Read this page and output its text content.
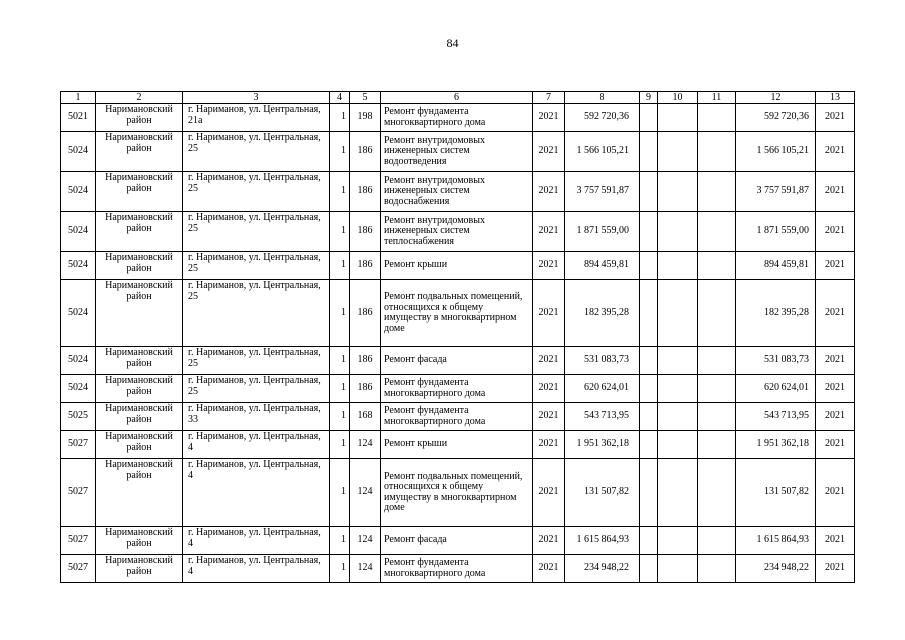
84
1	2	3	4	5	6	7	8	9	10	11	12	13
5021	Наримановский район	г. Нариманов, ул. Центральная, 21а	1	198	Ремонт фундамента многоквартирного дома	2021	592 720,36				592 720,36	2021
5024	Наримановский район	г. Нариманов, ул. Центральная, 25	1	186	Ремонт внутридомовых инженерных систем водоотведения	2021	1 566 105,21				1 566 105,21	2021
5024	Наримановский район	г. Нариманов, ул. Центральная, 25	1	186	Ремонт внутридомовых инженерных систем водоснабжения	2021	3 757 591,87				3 757 591,87	2021
5024	Наримановский район	г. Нариманов, ул. Центральная, 25	1	186	Ремонт внутридомовых инженерных систем теплоснабжения	2021	1 871 559,00				1 871 559,00	2021
5024	Наримановский район	г. Нариманов, ул. Центральная, 25	1	186	Ремонт крыши	2021	894 459,81				894 459,81	2021
5024	Наримановский район	г. Нариманов, ул. Центральная, 25	1	186	Ремонт подвальных помещений, относящихся к общему имуществу в многоквартирном доме	2021	182 395,28				182 395,28	2021
5024	Наримановский район	г. Нариманов, ул. Центральная, 25	1	186	Ремонт фасада	2021	531 083,73				531 083,73	2021
5024	Наримановский район	г. Нариманов, ул. Центральная, 25	1	186	Ремонт фундамента многоквартирного дома	2021	620 624,01				620 624,01	2021
5025	Наримановский район	г. Нариманов, ул. Центральная, 33	1	168	Ремонт фундамента многоквартирного дома	2021	543 713,95				543 713,95	2021
5027	Наримановский район	г. Нариманов, ул. Центральная, 4	1	124	Ремонт крыши	2021	1 951 362,18				1 951 362,18	2021
5027	Наримановский район	г. Нариманов, ул. Центральная, 4	1	124	Ремонт подвальных помещений, относящихся к общему имуществу в многоквартирном доме	2021	131 507,82				131 507,82	2021
5027	Наримановский район	г. Нариманов, ул. Центральная, 4	1	124	Ремонт фасада	2021	1 615 864,93				1 615 864,93	2021
5027	Наримановский район	г. Нариманов, ул. Центральная, 4	1	124	Ремонт фундамента многоквартирного дома	2021	234 948,22				234 948,22	2021
